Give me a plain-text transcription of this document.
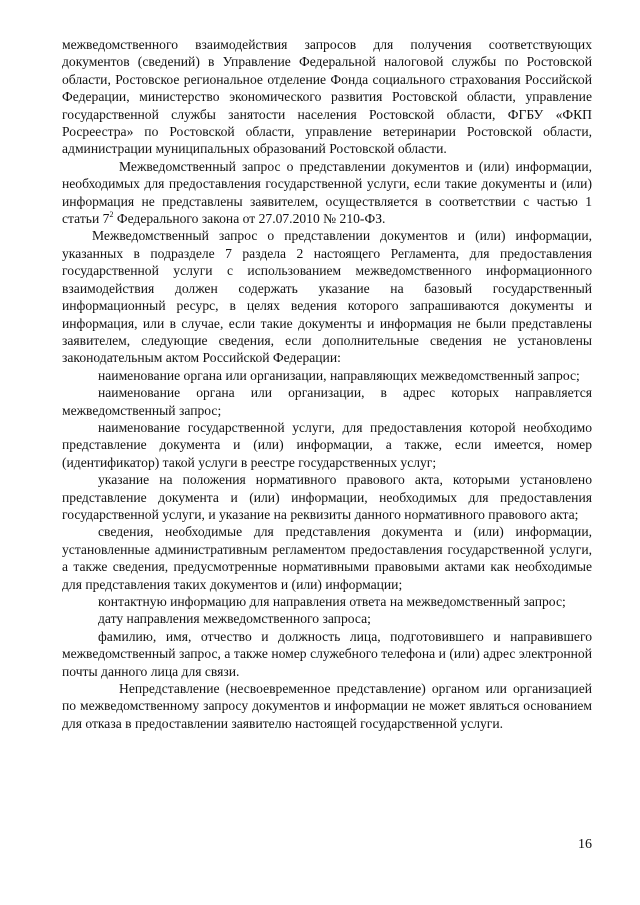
межведомственного взаимодействия запросов для получения соответствующих документов (сведений) в Управление Федеральной налоговой службы по Ростовской области, Ростовское региональное отделение Фонда социального страхования Российской Федерации, министерство экономического развития Ростовской области, управление государственной службы занятости населения Ростовской области, ФГБУ «ФКП Росреестра» по Ростовской области, управление ветеринарии Ростовской области, администрации муниципальных образований Ростовской области.

Межведомственный запрос о представлении документов и (или) информации, необходимых для предоставления государственной услуги, если такие документы и (или) информация не представлены заявителем, осуществляется в соответствии с частью 1 статьи $7^2$ Федерального закона от 27.07.2010 № 210-ФЗ.

Межведомственный запрос о представлении документов и (или) информации, указанных в подразделе 7 раздела 2 настоящего Регламента, для предоставления государственной услуги с использованием межведомственного информационного взаимодействия должен содержать указание на базовый государственный информационный ресурс, в целях ведения которого запрашиваются документы и информация, или в случае, если такие документы и информация не были представлены заявителем, следующие сведения, если дополнительные сведения не установлены законодательным актом Российской Федерации:

наименование органа или организации, направляющих межведомственный запрос;

наименование органа или организации, в адрес которых направляется межведомственный запрос;

наименование государственной услуги, для предоставления которой необходимо представление документа и (или) информации, а также, если имеется, номер (идентификатор) такой услуги в реестре государственных услуг;

указание на положения нормативного правового акта, которыми установлено представление документа и (или) информации, необходимых для предоставления государственной услуги, и указание на реквизиты данного нормативного правового акта;

сведения, необходимые для представления документа и (или) информации, установленные административным регламентом предоставления государственной услуги, а также сведения, предусмотренные нормативными правовыми актами как необходимые для представления таких документов и (или) информации;

контактную информацию для направления ответа на межведомственный запрос;

дату направления межведомственного запроса;

фамилию, имя, отчество и должность лица, подготовившего и направившего межведомственный запрос, а также номер служебного телефона и (или) адрес электронной почты данного лица для связи.

Непредставление (несвоевременное представление) органом или организацией по межведомственному запросу документов и информации не может являться основанием для отказа в предоставлении заявителю настоящей государственной услуги.

16
